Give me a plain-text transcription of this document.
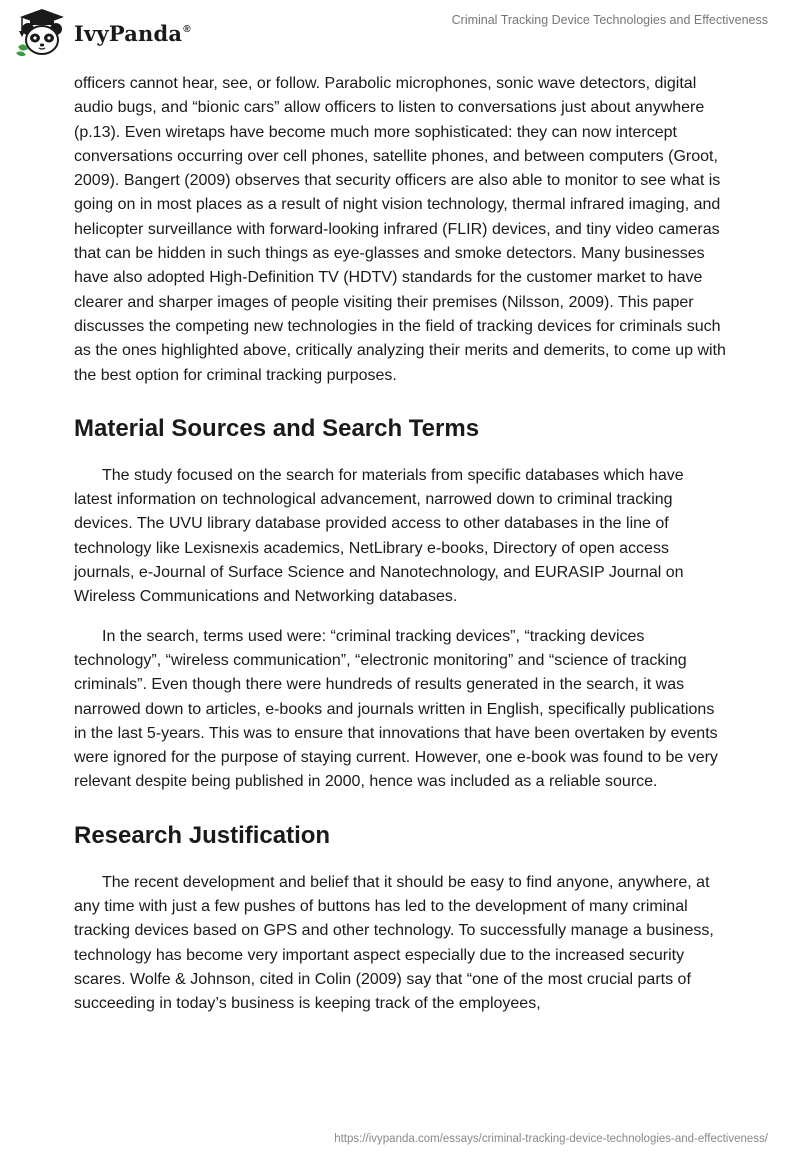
IvyPanda®
Criminal Tracking Device Technologies and Effectiveness

officers cannot hear, see, or follow. Parabolic microphones, sonic wave detectors, digital audio bugs, and “bionic cars” allow officers to listen to conversations just about anywhere (p.13). Even wiretaps have become much more sophisticated: they can now intercept conversations occurring over cell phones, satellite phones, and between computers (Groot, 2009). Bangert (2009) observes that security officers are also able to monitor to see what is going on in most places as a result of night vision technology, thermal infrared imaging, and helicopter surveillance with forward-looking infrared (FLIR) devices, and tiny video cameras that can be hidden in such things as eye-glasses and smoke detectors. Many businesses have also adopted High-Definition TV (HDTV) standards for the customer market to have clearer and sharper images of people visiting their premises (Nilsson, 2009). This paper discusses the competing new technologies in the field of tracking devices for criminals such as the ones highlighted above, critically analyzing their merits and demerits, to come up with the best option for criminal tracking purposes.

Material Sources and Search Terms

The study focused on the search for materials from specific databases which have latest information on technological advancement, narrowed down to criminal tracking devices. The UVU library database provided access to other databases in the line of technology like Lexisnexis academics, NetLibrary e-books, Directory of open access journals, e-Journal of Surface Science and Nanotechnology, and EURASIP Journal on Wireless Communications and Networking databases.

In the search, terms used were: “criminal tracking devices”, “tracking devices technology”, “wireless communication”, “electronic monitoring” and “science of tracking criminals”. Even though there were hundreds of results generated in the search, it was narrowed down to articles, e-books and journals written in English, specifically publications in the last 5-years. This was to ensure that innovations that have been overtaken by events were ignored for the purpose of staying current. However, one e-book was found to be very relevant despite being published in 2000, hence was included as a reliable source.

Research Justification

The recent development and belief that it should be easy to find anyone, anywhere, at any time with just a few pushes of buttons has led to the development of many criminal tracking devices based on GPS and other technology. To successfully manage a business, technology has become very important aspect especially due to the increased security scares. Wolfe & Johnson, cited in Colin (2009) say that “one of the most crucial parts of succeeding in today’s business is keeping track of the employees,

https://ivypanda.com/essays/criminal-tracking-device-technologies-and-effectiveness/
